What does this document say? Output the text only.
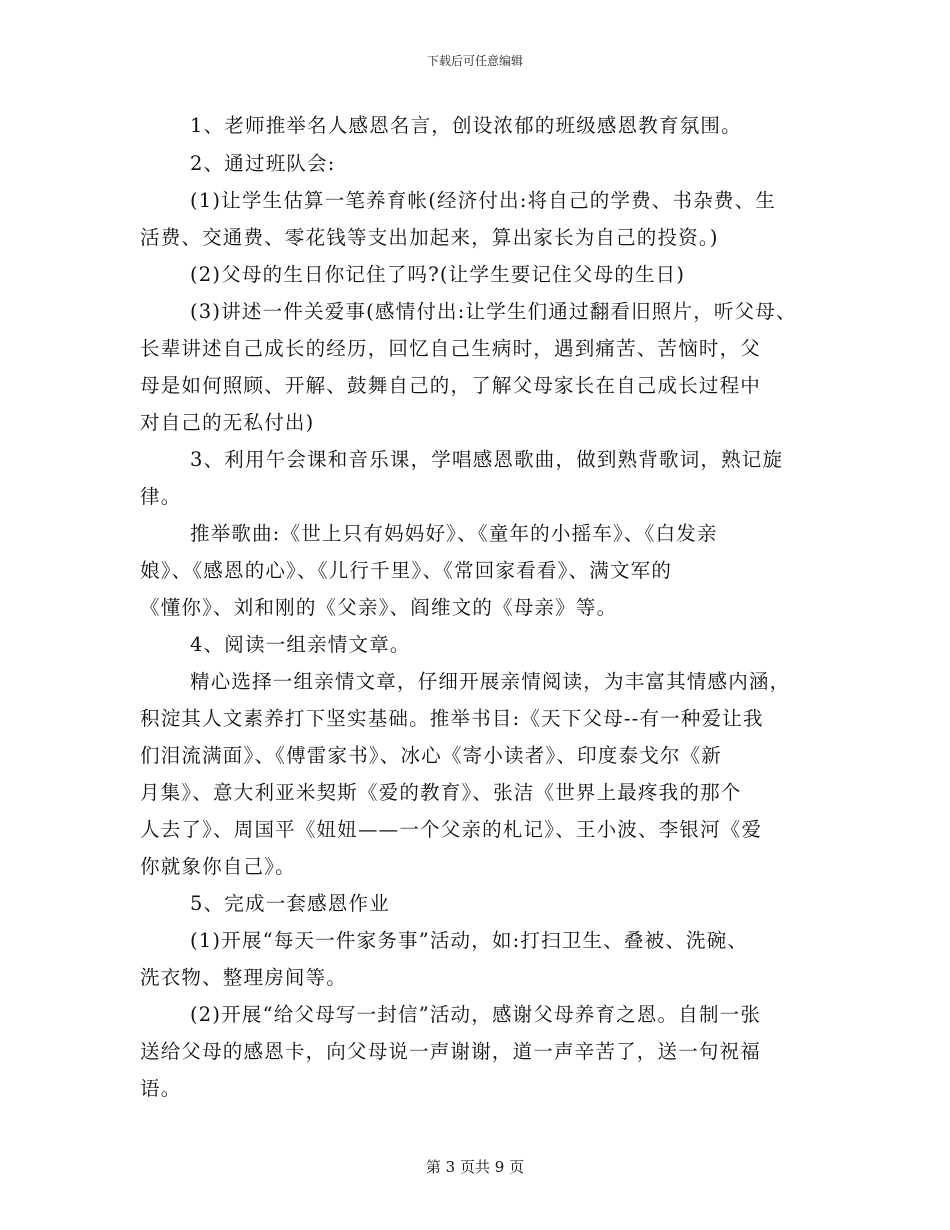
下载后可任意编辑
1、老师推举名人感恩名言，创设浓郁的班级感恩教育氛围。
2、通过班队会:
(1)让学生估算一笔养育帐(经济付出:将自己的学费、书杂费、生
活费、交通费、零花钱等支出加起来，算出家长为自己的投资。)
(2)父母的生日你记住了吗?(让学生要记住父母的生日)
(3)讲述一件关爱事(感情付出:让学生们通过翻看旧照片，听父母、
长辈讲述自己成长的经历，回忆自己生病时，遇到痛苦、苦恼时，父
母是如何照顾、开解、鼓舞自己的，了解父母家长在自己成长过程中
对自己的无私付出)
3、利用午会课和音乐课，学唱感恩歌曲，做到熟背歌词，熟记旋
律。
推举歌曲:《世上只有妈妈好》、《童年的小摇车》、《白发亲
娘》、《感恩的心》、《儿行千里》、《常回家看看》、满文军的
《懂你》、刘和刚的《父亲》、阎维文的《母亲》等。
4、阅读一组亲情文章。
精心选择一组亲情文章，仔细开展亲情阅读，为丰富其情感内涵，
积淀其人文素养打下坚实基础。推举书目:《天下父母--有一种爱让我
们泪流满面》、《傅雷家书》、冰心《寄小读者》、印度泰戈尔《新
月集》、意大利亚米契斯《爱的教育》、张洁《世界上最疼我的那个
人去了》、周国平《妞妞——一个父亲的札记》、王小波、李银河《爱
你就象你自己》。
5、完成一套感恩作业
(1)开展“每天一件家务事”活动，如:打扫卫生、叠被、洗碗、
洗衣物、整理房间等。
(2)开展“给父母写一封信”活动，感谢父母养育之恩。自制一张
送给父母的感恩卡，向父母说一声谢谢，道一声辛苦了，送一句祝福
语。
第 3 页共 9 页
